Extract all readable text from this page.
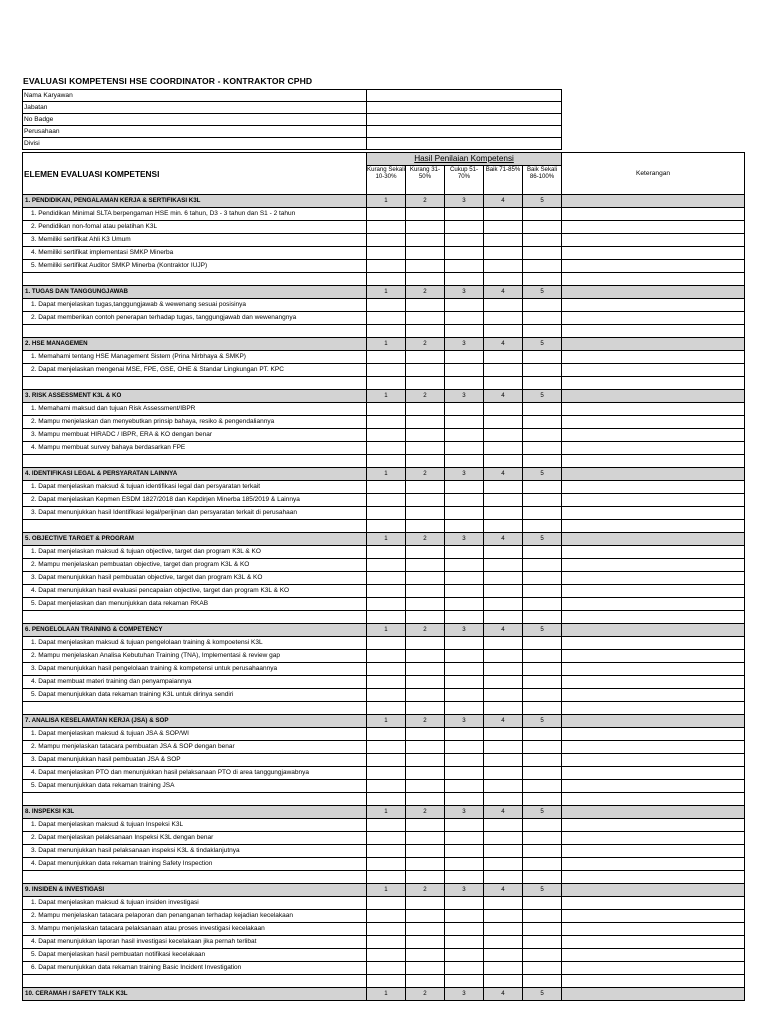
EVALUASI KOMPETENSI HSE COORDINATOR - KONTRAKTOR CPHD
Nama Karyawan	
Jabatan	
No Badge	
Perusahaan	
Divisi	
ELEMEN EVALUASI KOMPETENSI	Hasil Penilaian Kompetensi					Keterangan
	Kurang Sekali 10-30%	Kurang 31-50%	Cukup 51-70%	Baik 71-85%	Baik Sekali 86-100%	
1. PENDIDIKAN, PENGALAMAN KERJA & SERTIFIKASI K3L	1	2	3	4	5	
1. Pendidikan Minimal SLTA berpengaman HSE min. 6 tahun, D3 - 3 tahun dan S1 - 2 tahun						
2. Pendidikan non-fomal atau pelatihan K3L						
3. Memiliki sertifikat Ahli K3 Umum						
4. Memiliki sertifikat implementasi SMKP Minerba						
5. Memiliki sertifikat Auditor SMKP Minerba (Kontraktor IUJP)						

1. TUGAS DAN TANGGUNGJAWAB	1	2	3	4	5	
1. Dapat menjelaskan tugas,tanggungjawab & wewenang sesuai posisinya						
2. Dapat memberikan contoh penerapan terhadap tugas, tanggungjawab dan wewenangnya						

2. HSE MANAGEMEN	1	2	3	4	5	
1. Memahami tentang HSE Management Sistem (Prina Nirbhaya & SMKP)						
2. Dapat menjelaskan mengenai MSE, FPE, GSE, OHE & Standar Lingkungan PT. KPC						

3. RISK ASSESSMENT K3L & KO	1	2	3	4	5	
1. Memahami maksud dan tujuan Risk Assessment/IBPR						
2. Mampu menjelaskan dan menyebutkan prinsip bahaya, resiko & pengendaliannya						
3. Mampu membuat HIRADC / IBPR, ERA & KO dengan benar						
4. Mampu membuat survey bahaya berdasarkan FPE						

4. IDENTIFIKASI LEGAL & PERSYARATAN LAINNYA	1	2	3	4	5	
1. Dapat menjelaskan maksud & tujuan identifikasi legal dan persyaratan terkait						
2. Dapat menjelaskan Kepmen ESDM 1827/2018 dan Kepdirjen Minerba 185/2019 & Lainnya						
3. Dapat menunjukkan hasil Identifikasi legal/perijinan dan persyaratan terkait di perusahaan						

5. OBJECTIVE TARGET & PROGRAM	1	2	3	4	5	
1. Dapat menjelaskan maksud & tujuan objective, target dan program K3L & KO						
2. Mampu menjelaskan pembuatan objective, target dan program K3L & KO						
3. Dapat menunjukkan hasil pembuatan objective, target dan program K3L & KO						
4. Dapat menunjukkan hasil evaluasi pencapaian objective, target dan program K3L & KO						
5. Dapat menjelaskan dan menunjukkan data rekaman RKAB						

6. PENGELOLAAN TRAINING & COMPETENCY	1	2	3	4	5	
1. Dapat menjelaskan maksud & tujuan pengelolaan training & kompoetensi K3L						
2. Mampu menjelaskan Analisa Kebutuhan Training (TNA), Implementasi & review gap						
3. Dapat menunjukkan hasil pengelolaan training & kompetensi untuk perusahaannya						
4. Dapat membuat materi training dan penyampaiannya						
5. Dapat menunjukkan data rekaman training K3L untuk dirinya sendiri						

7. ANALISA KESELAMATAN KERJA (JSA) & SOP	1	2	3	4	5	
1. Dapat menjelaskan maksud & tujuan JSA & SOP/WI						
2. Mampu menjelaskan tatacara pembuatan JSA & SOP dengan benar						
3. Dapat menunjukkan hasil pembuatan JSA & SOP						
4. Dapat menjelaskan PTO dan menunjukkan hasil pelaksanaan PTO di area tanggungjawabnya						
5. Dapat menunjukkan data rekaman training JSA						

8. INSPEKSI K3L	1	2	3	4	5	
1. Dapat menjelaskan maksud & tujuan Inspeksi K3L						
2. Dapat menjelaskan pelaksanaan Inspeksi K3L dengan benar						
3. Dapat menunjukkan hasil pelaksanaan inspeksi K3L & tindaklanjutnya						
4. Dapat menunjukkan data rekaman training Safety Inspection						

9. INSIDEN & INVESTIGASI	1	2	3	4	5	
1. Dapat menjelaskan maksud & tujuan insiden investigasi						
2. Mampu menjelaskan tatacara pelaporan dan penanganan terhadap kejadian kecelakaan						
3. Mampu menjelaskan tatacara pelaksanaan atau proses investigasi kecelakaan						
4. Dapat menunjukkan laporan hasil investigasi kecelakaan jika pernah terlibat						
5. Dapat menjelaskan hasil pembuatan notifikasi kecelakaan						
6. Dapat menunjukkan data rekaman training Basic Incident Investigation						

10. CERAMAH / SAFETY TALK K3L	1	2	3	4	5	
